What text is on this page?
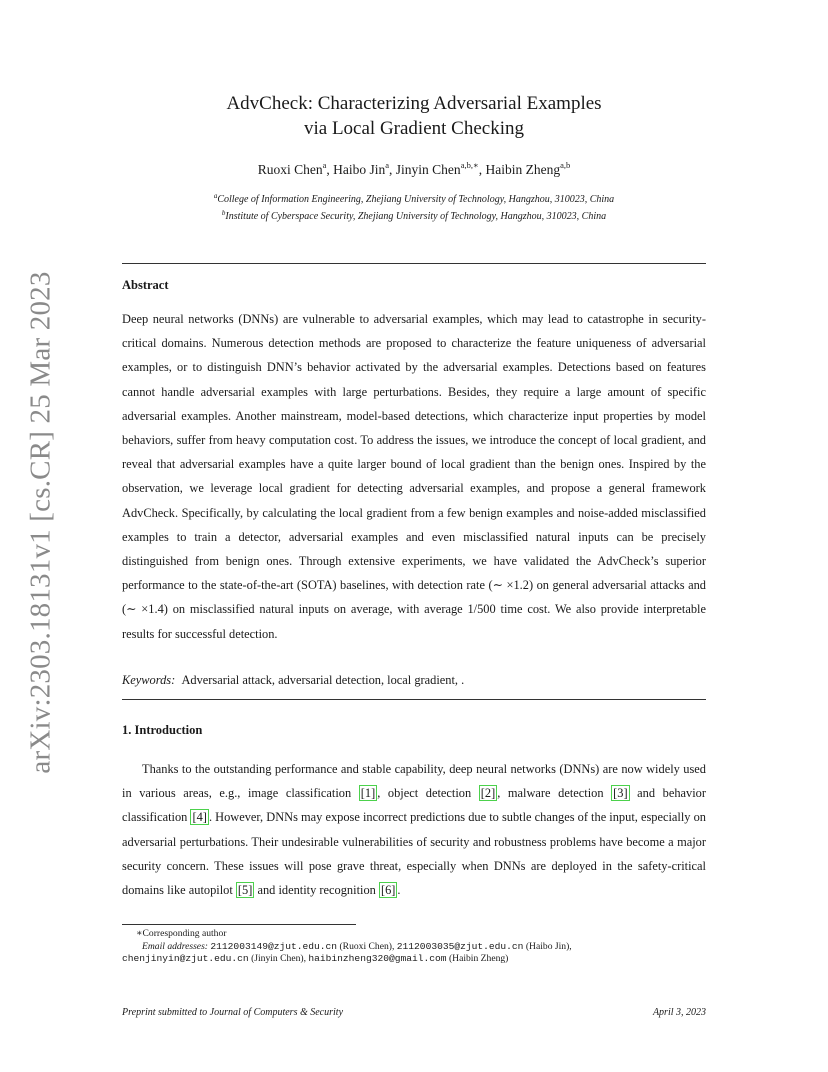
arXiv:2303.18131v1 [cs.CR] 25 Mar 2023
AdvCheck: Characterizing Adversarial Examples
via Local Gradient Checking
Ruoxi Chen$^a$, Haibo Jin$^a$, Jinyin Chen$^{a,b,∗}$, Haibin Zheng$^{a,b}$
$^a$College of Information Engineering, Zhejiang University of Technology, Hangzhou, 310023, China
$^b$Institute of Cyberspace Security, Zhejiang University of Technology, Hangzhou, 310023, China
Abstract
Deep neural networks (DNNs) are vulnerable to adversarial examples, which may lead to catastrophe in security-critical domains. Numerous detection methods are proposed to characterize the feature uniqueness of adversarial examples, or to distinguish DNN’s behavior activated by the adversarial examples. Detections based on features cannot handle adversarial examples with large perturbations. Besides, they require a large amount of specific adversarial examples. Another mainstream, model-based detections, which characterize input properties by model behaviors, suffer from heavy computation cost. To address the issues, we introduce the concept of local gradient, and reveal that adversarial examples have a quite larger bound of local gradient than the benign ones. Inspired by the observation, we leverage local gradient for detecting adversarial examples, and propose a general framework AdvCheck. Specifically, by calculating the local gradient from a few benign examples and noise-added misclassified examples to train a detector, adversarial examples and even misclassified natural inputs can be precisely distinguished from benign ones. Through extensive experiments, we have validated the AdvCheck’s superior performance to the state-of-the-art (SOTA) baselines, with detection rate (∼ ×1.2) on general adversarial attacks and (∼ ×1.4) on misclassified natural inputs on average, with average 1/500 time cost. We also provide interpretable results for successful detection.
Keywords: Adversarial attack, adversarial detection, local gradient, .
1. Introduction
Thanks to the outstanding performance and stable capability, deep neural networks (DNNs) are now widely used in various areas, e.g., image classification [1] , object detection [2] , malware detection [3] and behavior classification [4] . However, DNNs may expose incorrect predictions due to subtle changes of the input, especially on adversarial perturbations. Their undesirable vulnerabilities of security and robustness problems have become a major security concern. These issues will pose grave threat, especially when DNNs are deployed in the safety-critical domains like autopilot [5] and identity recognition [6] .
∗Corresponding author
Email addresses: 2112003149@zjut.edu.cn (Ruoxi Chen), 2112003035@zjut.edu.cn (Haibo Jin),
chenjinyin@zjut.edu.cn (Jinyin Chen), haibinzheng320@gmail.com (Haibin Zheng)
Preprint submitted to Journal of Computers & Security	April 3, 2023
